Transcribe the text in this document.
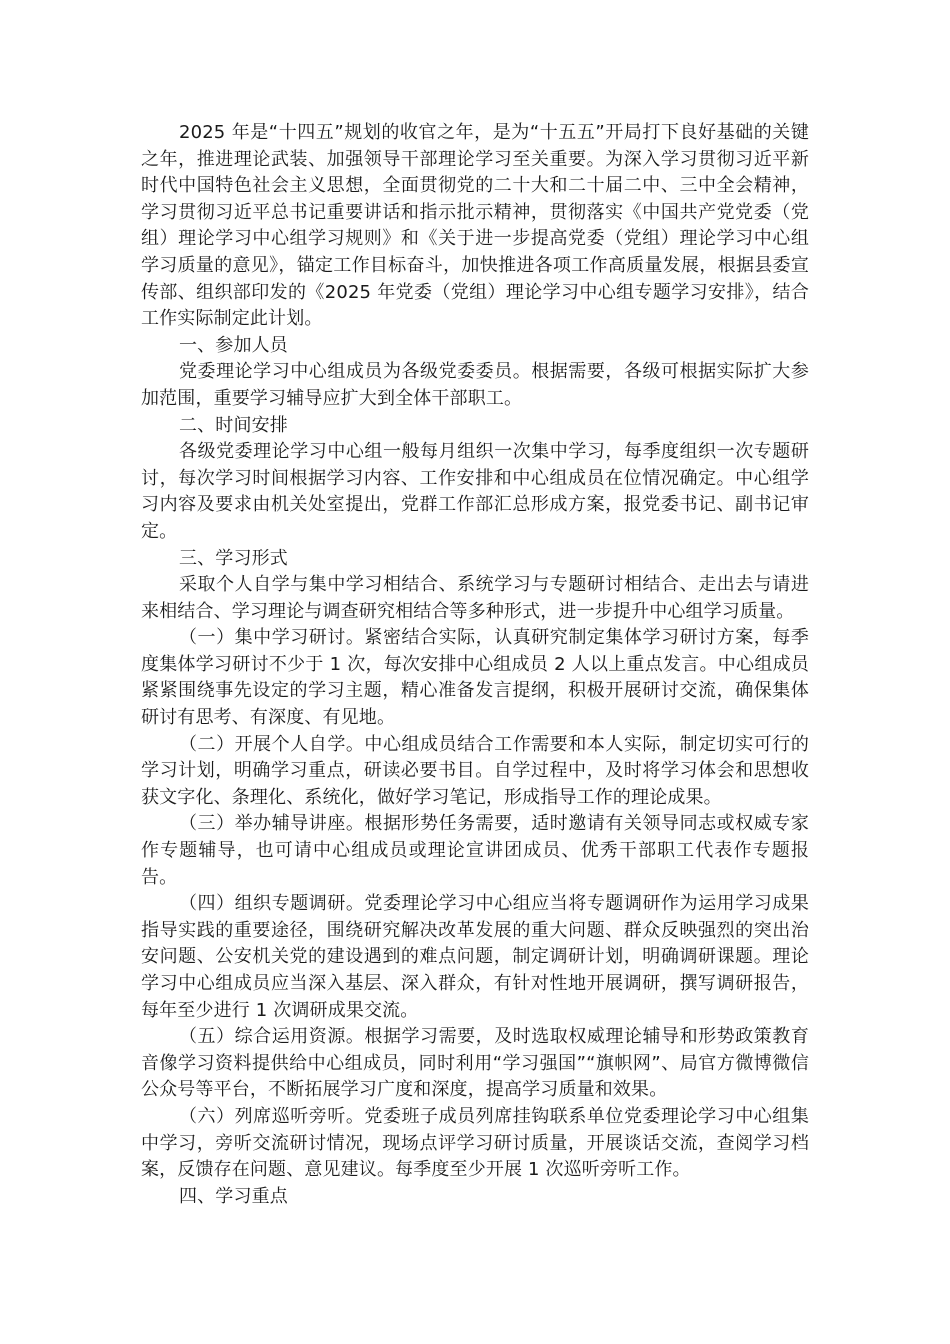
2025 年是“十四五”规划的收官之年，是为“十五五”开局打下良好基础的关键之年，推进理论武装、加强领导干部理论学习至关重要。为深入学习贯彻习近平新时代中国特色社会主义思想，全面贯彻党的二十大和二十届二中、三中全会精神，学习贯彻习近平总书记重要讲话和指示批示精神，贯彻落实《中国共产党党委（党组）理论学习中心组学习规则》和《关于进一步提高党委（党组）理论学习中心组学习质量的意见》，锚定工作目标奋斗，加快推进各项工作高质量发展，根据县委宣传部、组织部印发的《2025 年党委（党组）理论学习中心组专题学习安排》，结合工作实际制定此计划。

一、参加人员

党委理论学习中心组成员为各级党委委员。根据需要，各级可根据实际扩大参加范围，重要学习辅导应扩大到全体干部职工。

二、时间安排

各级党委理论学习中心组一般每月组织一次集中学习，每季度组织一次专题研讨，每次学习时间根据学习内容、工作安排和中心组成员在位情况确定。中心组学习内容及要求由机关处室提出，党群工作部汇总形成方案，报党委书记、副书记审定。

三、学习形式

采取个人自学与集中学习相结合、系统学习与专题研讨相结合、走出去与请进来相结合、学习理论与调查研究相结合等多种形式，进一步提升中心组学习质量。

（一）集中学习研讨。紧密结合实际，认真研究制定集体学习研讨方案，每季度集体学习研讨不少于 1 次，每次安排中心组成员 2 人以上重点发言。中心组成员紧紧围绕事先设定的学习主题，精心准备发言提纲，积极开展研讨交流，确保集体研讨有思考、有深度、有见地。

（二）开展个人自学。中心组成员结合工作需要和本人实际，制定切实可行的学习计划，明确学习重点，研读必要书目。自学过程中，及时将学习体会和思想收获文字化、条理化、系统化，做好学习笔记，形成指导工作的理论成果。

（三）举办辅导讲座。根据形势任务需要，适时邀请有关领导同志或权威专家作专题辅导，也可请中心组成员或理论宣讲团成员、优秀干部职工代表作专题报告。

（四）组织专题调研。党委理论学习中心组应当将专题调研作为运用学习成果指导实践的重要途径，围绕研究解决改革发展的重大问题、群众反映强烈的突出治安问题、公安机关党的建设遇到的难点问题，制定调研计划，明确调研课题。理论学习中心组成员应当深入基层、深入群众，有针对性地开展调研，撰写调研报告，每年至少进行 1 次调研成果交流。

（五）综合运用资源。根据学习需要，及时选取权威理论辅导和形势政策教育音像学习资料提供给中心组成员，同时利用“学习强国”“旗帜网”、局官方微博微信公众号等平台，不断拓展学习广度和深度，提高学习质量和效果。

（六）列席巡听旁听。党委班子成员列席挂钩联系单位党委理论学习中心组集中学习，旁听交流研讨情况，现场点评学习研讨质量，开展谈话交流，查阅学习档案，反馈存在问题、意见建议。每季度至少开展 1 次巡听旁听工作。

四、学习重点
